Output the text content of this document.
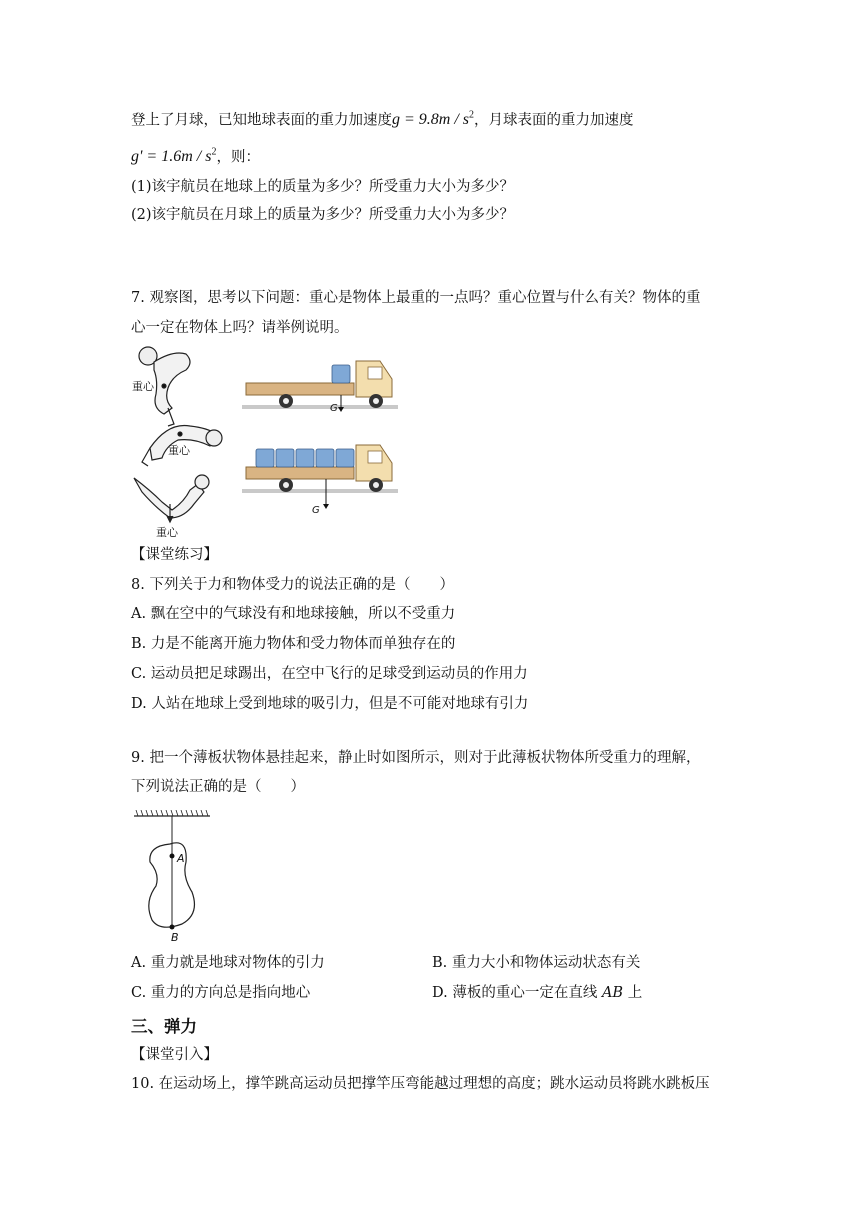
登上了月球，已知地球表面的重力加速度$g = 9.8m / s^2$，月球表面的重力加速度
$g' = 1.6m / s^2$，则：
(1)该宇航员在地球上的质量为多少？所受重力大小为多少？
(2)该宇航员在月球上的质量为多少？所受重力大小为多少？
7. 观察图，思考以下问题：重心是物体上最重的一点吗？重心位置与什么有关？物体的重
心一定在物体上吗？请举例说明。
重心
重心
重心
G
G
【课堂练习】
8. 下列关于力和物体受力的说法正确的是（　　）
A. 飘在空中的气球没有和地球接触，所以不受重力
B. 力是不能离开施力物体和受力物体而单独存在的
C. 运动员把足球踢出，在空中飞行的足球受到运动员的作用力
D. 人站在地球上受到地球的吸引力，但是不可能对地球有引力
9. 把一个薄板状物体悬挂起来，静止时如图所示，则对于此薄板状物体所受重力的理解，
下列说法正确的是（　　）
A
B
A. 重力就是地球对物体的引力	B. 重力大小和物体运动状态有关
C. 重力的方向总是指向地心	D. 薄板的重心一定在直线 AB 上
三、弹力
【课堂引入】
10. 在运动场上，撑竿跳高运动员把撑竿压弯能越过理想的高度；跳水运动员将跳水跳板压
